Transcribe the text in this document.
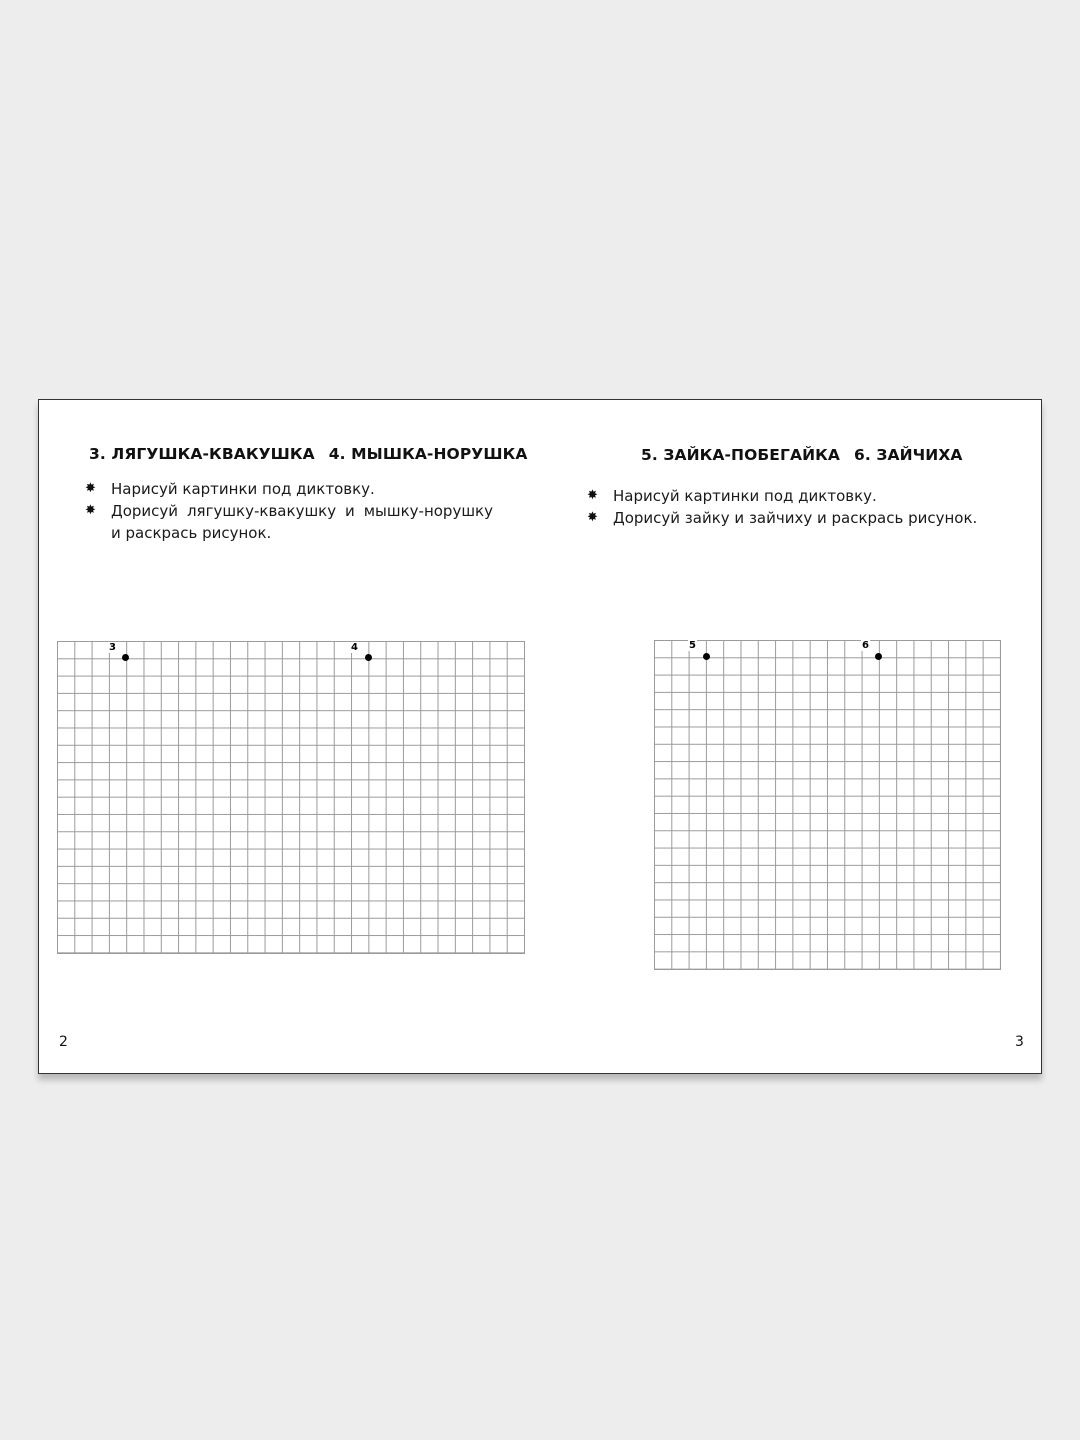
3. ЛЯГУШКА-КВАКУШКА 4. МЫШКА-НОРУШКА
✸ Нарисуй картинки под диктовку.
✸ Дорисуй лягушку-квакушку и мышку-норушку и раскрась рисунок.
3	4
2
5. ЗАЙКА-ПОБЕГАЙКА 6. ЗАЙЧИХА
✸ Нарисуй картинки под диктовку.
✸ Дорисуй зайку и зайчиху и раскрась рисунок.
5	6
3
